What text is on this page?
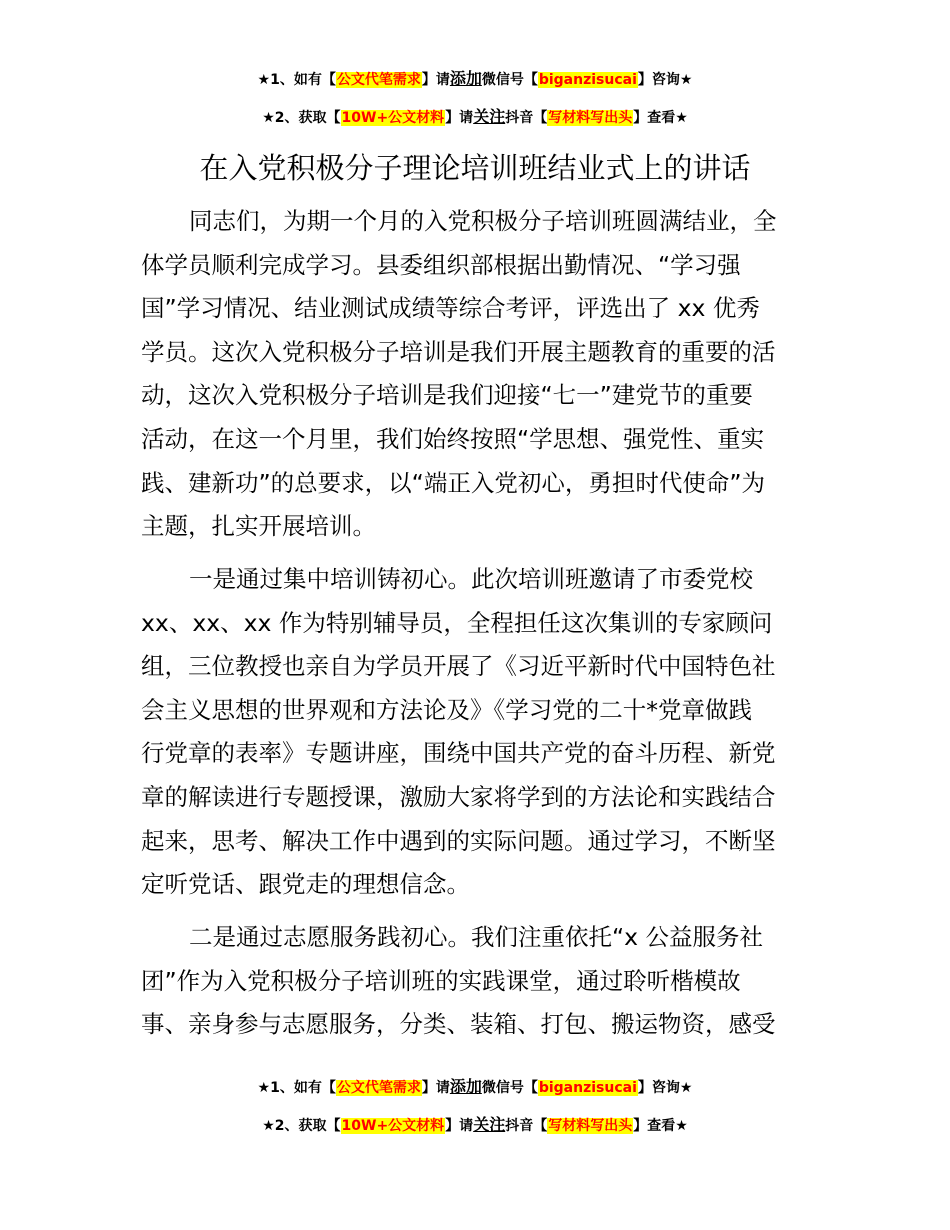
★1、如有【公文代笔需求】请添加微信号【biganzisucai】咨询★
★2、获取【10W+公文材料】请关注抖音【写材料写出头】查看★
在入党积极分子理论培训班结业式上的讲话
同志们，为期一个月的入党积极分子培训班圆满结业，全
体学员顺利完成学习。县委组织部根据出勤情况、“学习强
国”学习情况、结业测试成绩等综合考评，评选出了 xx 优秀
学员。这次入党积极分子培训是我们开展主题教育的重要的活
动，这次入党积极分子培训是我们迎接“七一”建党节的重要
活动，在这一个月里，我们始终按照“学思想、强党性、重实
践、建新功”的总要求，以“端正入党初心，勇担时代使命”为
主题，扎实开展培训。
一是通过集中培训铸初心。此次培训班邀请了市委党校
xx、xx、xx 作为特别辅导员，全程担任这次集训的专家顾问
组，三位教授也亲自为学员开展了《习近平新时代中国特色社
会主义思想的世界观和方法论及》《学习党的二十*党章做践
行党章的表率》专题讲座，围绕中国共产党的奋斗历程、新党
章的解读进行专题授课，激励大家将学到的方法论和实践结合
起来，思考、解决工作中遇到的实际问题。通过学习，不断坚
定听党话、跟党走的理想信念。
二是通过志愿服务践初心。我们注重依托“x 公益服务社
团”作为入党积极分子培训班的实践课堂，通过聆听楷模故
事、亲身参与志愿服务，分类、装箱、打包、搬运物资，感受
★1、如有【公文代笔需求】请添加微信号【biganzisucai】咨询★
★2、获取【10W+公文材料】请关注抖音【写材料写出头】查看★
